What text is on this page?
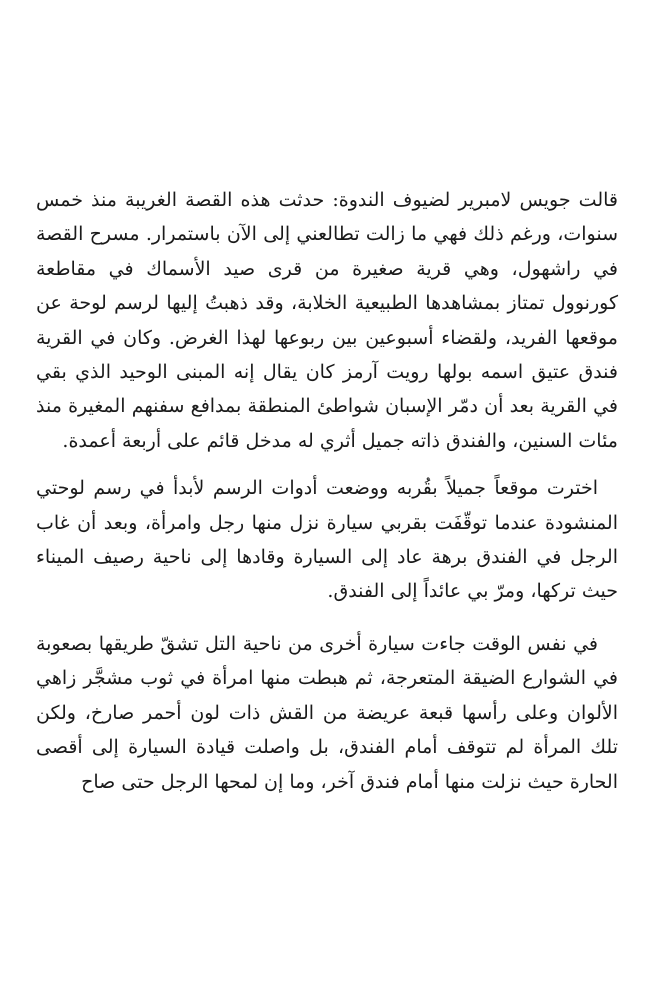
قالت جويس لامبرير لضيوف الندوة: حدثت هذه القصة الغريبة منذ خمس سنوات، ورغم ذلك فهي ما زالت تطالعني إلى الآن باستمرار. مسرح القصة في راشهول، وهي قرية صغيرة من قرى صيد الأسماك في مقاطعة كورنوول تمتاز بمشاهدها الطبيعية الخلابة، وقد ذهبتُ إليها لرسم لوحة عن موقعها الفريد، ولقضاء أسبوعين بين ربوعها لهذا الغرض. وكان في القرية فندق عتيق اسمه بولها رويت آرمز كان يقال إنه المبنى الوحيد الذي بقي في القرية بعد أن دمّر الإسبان شواطئ المنطقة بمدافع سفنهم المغيرة منذ مئات السنين، والفندق ذاته جميل أثري له مدخل قائم على أربعة أعمدة.

اخترت موقعاً جميلاً بقُربه ووضعت أدوات الرسم لأبدأ في رسم لوحتي المنشودة عندما توقّفَت بقربي سيارة نزل منها رجل وامرأة، وبعد أن غاب الرجل في الفندق برهة عاد إلى السيارة وقادها إلى ناحية رصيف الميناء حيث تركها، ومرّ بي عائداً إلى الفندق.

في نفس الوقت جاءت سيارة أخرى من ناحية التل تشقّ طريقها بصعوبة في الشوارع الضيقة المتعرجة، ثم هبطت منها امرأة في ثوب مشجَّر زاهي الألوان وعلى رأسها قبعة عريضة من القش ذات لون أحمر صارخ، ولكن تلك المرأة لم تتوقف أمام الفندق، بل واصلت قيادة السيارة إلى أقصى الحارة حيث نزلت منها أمام فندق آخر، وما إن لمحها الرجل حتى صاح
